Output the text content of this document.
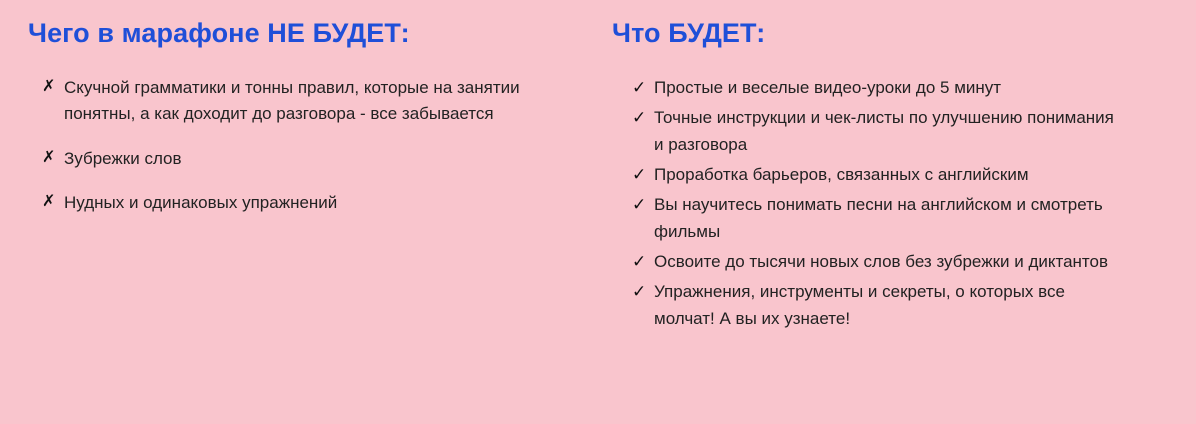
Чего в марафоне НЕ БУДЕТ:
✗ Скучной грамматики и тонны правил, которые на занятии понятны, а как доходит до разговора - все забывается
✗ Зубрежки слов
✗ Нудных и одинаковых упражнений
Что БУДЕТ:
✓ Простые и веселые видео-уроки до 5 минут
✓ Точные инструкции и чек-листы по улучшению понимания и разговора
✓ Проработка барьеров, связанных с английским
✓ Вы научитесь понимать песни на английском и смотреть фильмы
✓ Освоите до тысячи новых слов без зубрежки и диктантов
✓ Упражнения, инструменты и секреты, о которых все молчат! А вы их узнаете!
